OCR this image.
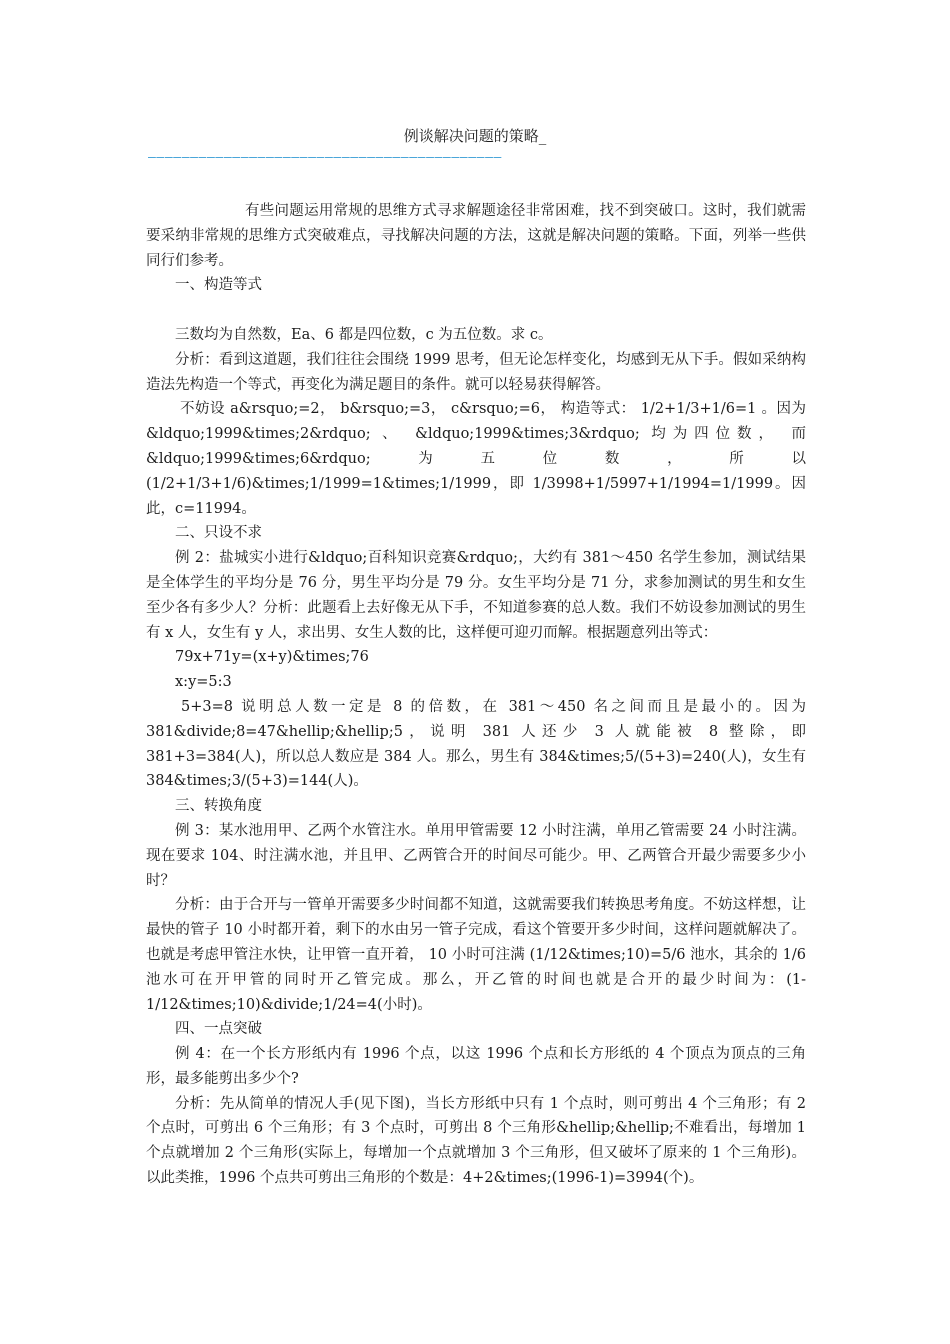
例谈解决问题的策略_
——————————————————————————————————————————

有些问题运用常规的思维方式寻求解题途径非常困难，找不到突破口。这时，我们就需要采纳非常规的思维方式突破难点，寻找解决问题的方法，这就是解决问题的策略。下面，列举一些供同行们参考。

一、构造等式

三数均为自然数，Ea、6 都是四位数，c 为五位数。求 c。

分析：看到这道题，我们往往会围绕 1999 思考，但无论怎样变化，均感到无从下手。假如采纳构造法先构造一个等式，再变化为满足题目的条件。就可以轻易获得解答。

不妨设 a&rsquo;=2， b&rsquo;=3， c&rsquo;=6， 构造等式： 1/2+1/3+1/6=1 。因为 &ldquo;1999&times;2&rdquo; 、 &ldquo;1999&times;3&rdquo; 均为四位数， 而 &ldquo;1999&times;6&rdquo;为五位数，所以(1/2+1/3+1/6)&times;1/1999=1&times;1/1999，即 1/3998+1/5997+1/1994=1/1999。因此，c=11994。

二、只设不求

例 2：盐城实小进行&ldquo;百科知识竞赛&rdquo;，大约有 381～450 名学生参加，测试结果是全体学生的平均分是 76 分，男生平均分是 79 分。女生平均分是 71 分，求参加测试的男生和女生至少各有多少人？分析：此题看上去好像无从下手，不知道参赛的总人数。我们不妨设参加测试的男生有 x 人，女生有 y 人，求出男、女生人数的比，这样便可迎刃而解。根据题意列出等式：

79x+71y=(x+y)&times;76

x:y=5:3

5+3=8 说明总人数一定是 8 的倍数，在 381～450 名之间而且是最小的。因为 381&divide;8=47&hellip;&hellip;5，说明 381 人还少 3 人就能被 8 整除，即 381+3=384(人)，所以总人数应是 384 人。那么，男生有 384&times;5/(5+3)=240(人)，女生有 384&times;3/(5+3)=144(人)。

三、转换角度

例 3：某水池用甲、乙两个水管注水。单用甲管需要 12 小时注满，单用乙管需要 24 小时注满。现在要求 104、时注满水池，并且甲、乙两管合开的时间尽可能少。甲、乙两管合开最少需要多少小时？

分析：由于合开与一管单开需要多少时间都不知道，这就需要我们转换思考角度。不妨这样想，让最快的管子 10 小时都开着，剩下的水由另一管子完成，看这个管要开多少时间，这样问题就解决了。也就是考虑甲管注水快，让甲管一直开着， 10 小时可注满 (1/12&times;10)=5/6 池水，其余的 1/6 池水可在开甲管的同时开乙管完成。那么，开乙管的时间也就是合开的最少时间为：(1-1/12&times;10)&divide;1/24=4(小时)。

四、一点突破

例 4：在一个长方形纸内有 1996 个点，以这 1996 个点和长方形纸的 4 个顶点为顶点的三角形，最多能剪出多少个?

分析：先从简单的情况人手(见下图)，当长方形纸中只有 1 个点时，则可剪出 4 个三角形；有 2 个点时，可剪出 6 个三角形；有 3 个点时，可剪出 8 个三角形&hellip;&hellip;不难看出，每增加 1 个点就增加 2 个三角形(实际上，每增加一个点就增加 3 个三角形，但又破坏了原来的 1 个三角形)。以此类推，1996 个点共可剪出三角形的个数是：4+2&times;(1996-1)=3994(个)。
